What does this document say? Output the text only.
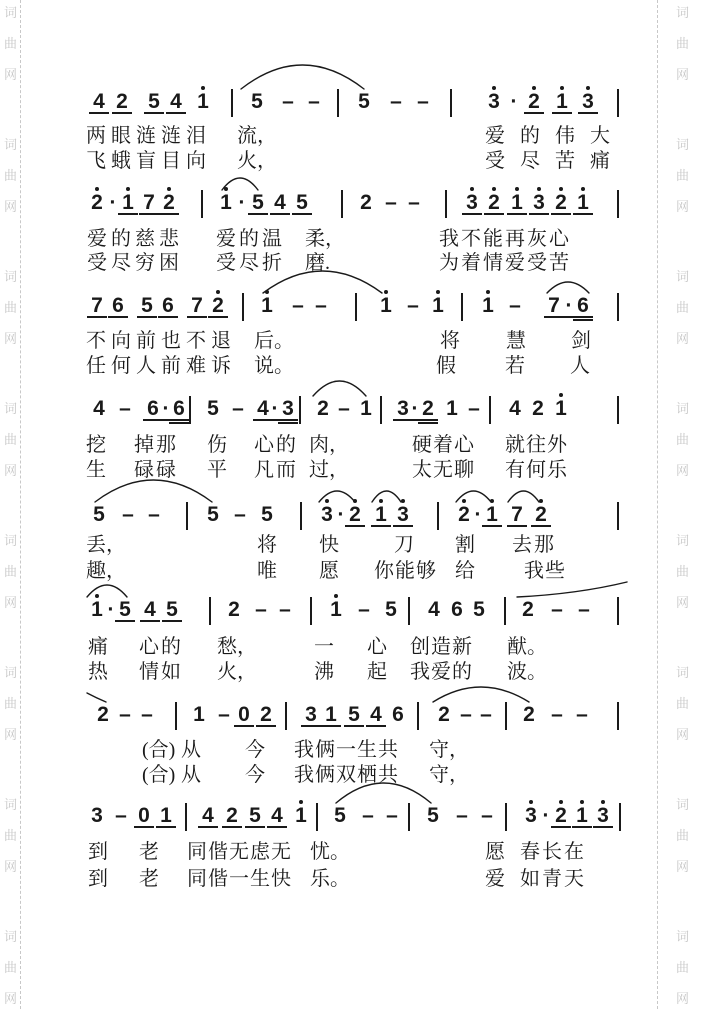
词
曲
网
词
曲
网
词
曲
网
词
曲
网
词
曲
网
词
曲
网
词
曲
网
词
曲
网
词
曲
网
词
曲
网
词
曲
网
词
曲
网
词
曲
网
词
曲
网
词
曲
网
词
曲
网
4 2 5 4 1 5 – – 5 – –	3 · 2 1 3
两眼涟涟泪 流，	爱的伟大
飞蛾盲目向 火，	受尽苦痛
2 · 1 7 2 1 · 5 4 5 2 – – 3 2 1 3 2 1
爱的慈悲 爱的温 柔，	我不能再灰心
受尽穷困 受尽折 磨.	为着情爱受苦
7 6 5 6 7 2 1 – –	1 – 1 1 – 7 · 6
不向前也不退 后。	将 慧 剑
任何人前难诉 说。	假 若 人
4 – 6 · 6 5 – 4 · 3 2 – 1 3 · 2 1 – 4 2 1
挖 掉那 伤 心的 肉，	硬着心 就往外
生 碌碌 平 凡而 过，	太无聊 有何乐
5 – – 5 – 5 3 · 2 1 3 2 · 1 7 2
丢，	将 快	刀 割 去那
趣，	唯 愿 你能够 给 我些
1 · 5 4 5 2 – – 1 – 5 4 6 5 2 – –
痛 心的 愁，	一 心 创造新 猷。
热 情如 火，	沸 起 我爱的 波。
2 – – 1 – 0 2 3 1 5 4 6 2 – – 2 – –
(合) 从 今 我俩一生共 守，
(合) 从 今 我俩双栖共 守，
3 – 0 1 4 2 5 4 1 5 – – 5 – – 3 · 2 1 3
到 老 同偕无虑无 忧。	愿 春长在
到 老 同偕一生快 乐。	爱 如青天
